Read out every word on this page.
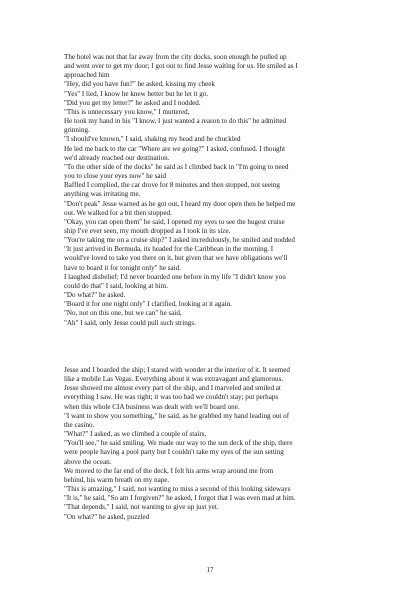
The hotel was not that far away from the city docks, soon enough he pulled up
and went over to get my door; I got out to find Jesse waiting for us. He smiled as I
approached him
"Hey, did you have fun?" he asked, kissing my cheek
"Yes" I lied, I know he knew better but he let it go.
"Did you get my letter?" he asked and I nodded.
"This is unnecessary you know," I muttered,
He took my hand in his "I know, I just wanted a reason to do this" he admitted
grinning.
"I should've known," I said, shaking my head and he chuckled
He led me back to the car "Where are we going?" I asked, confused. I thought
we'd already reached our destination.
"To the other side of the docks" he said as I climbed back in "I'm going to need
you to close your eyes now" he said
Baffled I complied, the car drove for 8 minutes and then stopped, not seeing
anything was irritating me.
"Don't peak" Jesse warned as he got out, I heard my door open then he helped me
out. We walked for a bit then stopped.
"Okay, you can open them" he said, I opened my eyes to see the hugest cruise
ship I've ever seen, my mouth dropped as I took in its size.
"You're taking me on a cruise ship?" I asked incredulously, he smiled and nodded
"It just arrived in Bermuda, its headed for the Caribbean in the morning. I
would've loved to take you there on it, but given that we have obligations we'll
have to board it for tonight only" he said.
I laughed disbelief; I'd never boarded one before in my life "I didn't know you
could do that" I said, looking at him.
"Do what?" he asked.
"Board it for one night only" I clarified, looking at it again.
"No, not on this one, but we can" he said,
"Ah" I said, only Jesse could pull such strings.
Jesse and I boarded the ship; I stared with wonder at the interior of it. It seemed
like a mobile Las Vegas. Everything about it was extravagant and glamorous.
Jesse showed me almost every part of the ship, and I marveled and smiled at
everything I saw. He was right; it was too bad we couldn't stay; put perhaps
when this whole CIA business was dealt with we'll board one.
"I want to show you something," he said, as he grabbed my hand leading out of
the casino.
"What?" I asked, as we climbed a couple of stairs,
"You'll see," he said smiling. We made our way to the sun deck of the ship, there
were people having a pool party but I couldn't take my eyes of the sun setting
above the ocean.
We moved to the far end of the deck, I felt his arms wrap around me from
behind, his warm breath on my nape.
"This is amazing," I said, not wanting to miss a second of this looking sideways
"It is," he said, "So am I forgiven?" he asked, I forgot that I was even mad at him.
"That depends," I said, not wanting to give up just yet.
"On what?" he asked, puzzled
17
